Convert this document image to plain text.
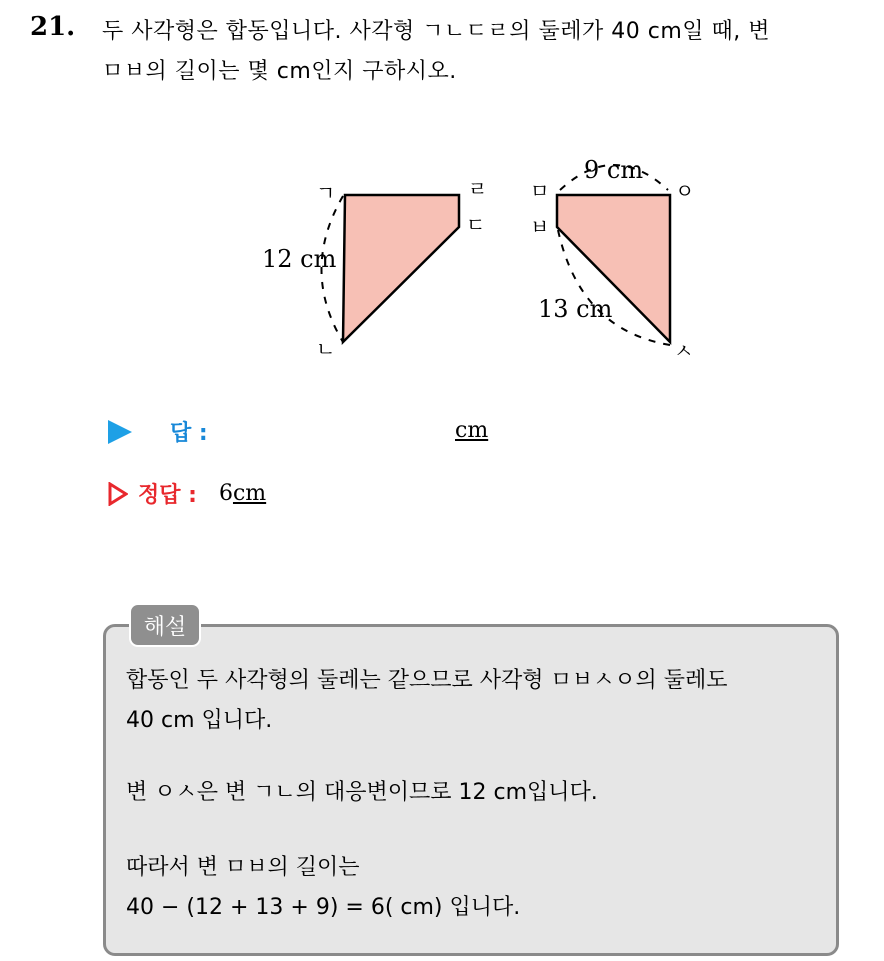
21. 두 사각형은 합동입니다. 사각형 ㄱㄴㄷㄹ의 둘레가 40 cm일 때, 변
ㅁㅂ의 길이는 몇 cm인지 구하시오.
ㄱ
ㄴ
ㄹ
ㄷ
12 cm
ㅁ
ㅂ
ㅇ
ㅅ
9 cm
13 cm
답 :	cm
정답 : 6cm
해설
합동인 두 사각형의 둘레는 같으므로 사각형 ㅁㅂㅅㅇ의 둘레도
40 cm 입니다.
변 ㅇㅅ은 변 ㄱㄴ의 대응변이므로 12 cm입니다.
따라서 변 ㅁㅂ의 길이는
40 − (12 + 13 + 9) = 6( cm) 입니다.
